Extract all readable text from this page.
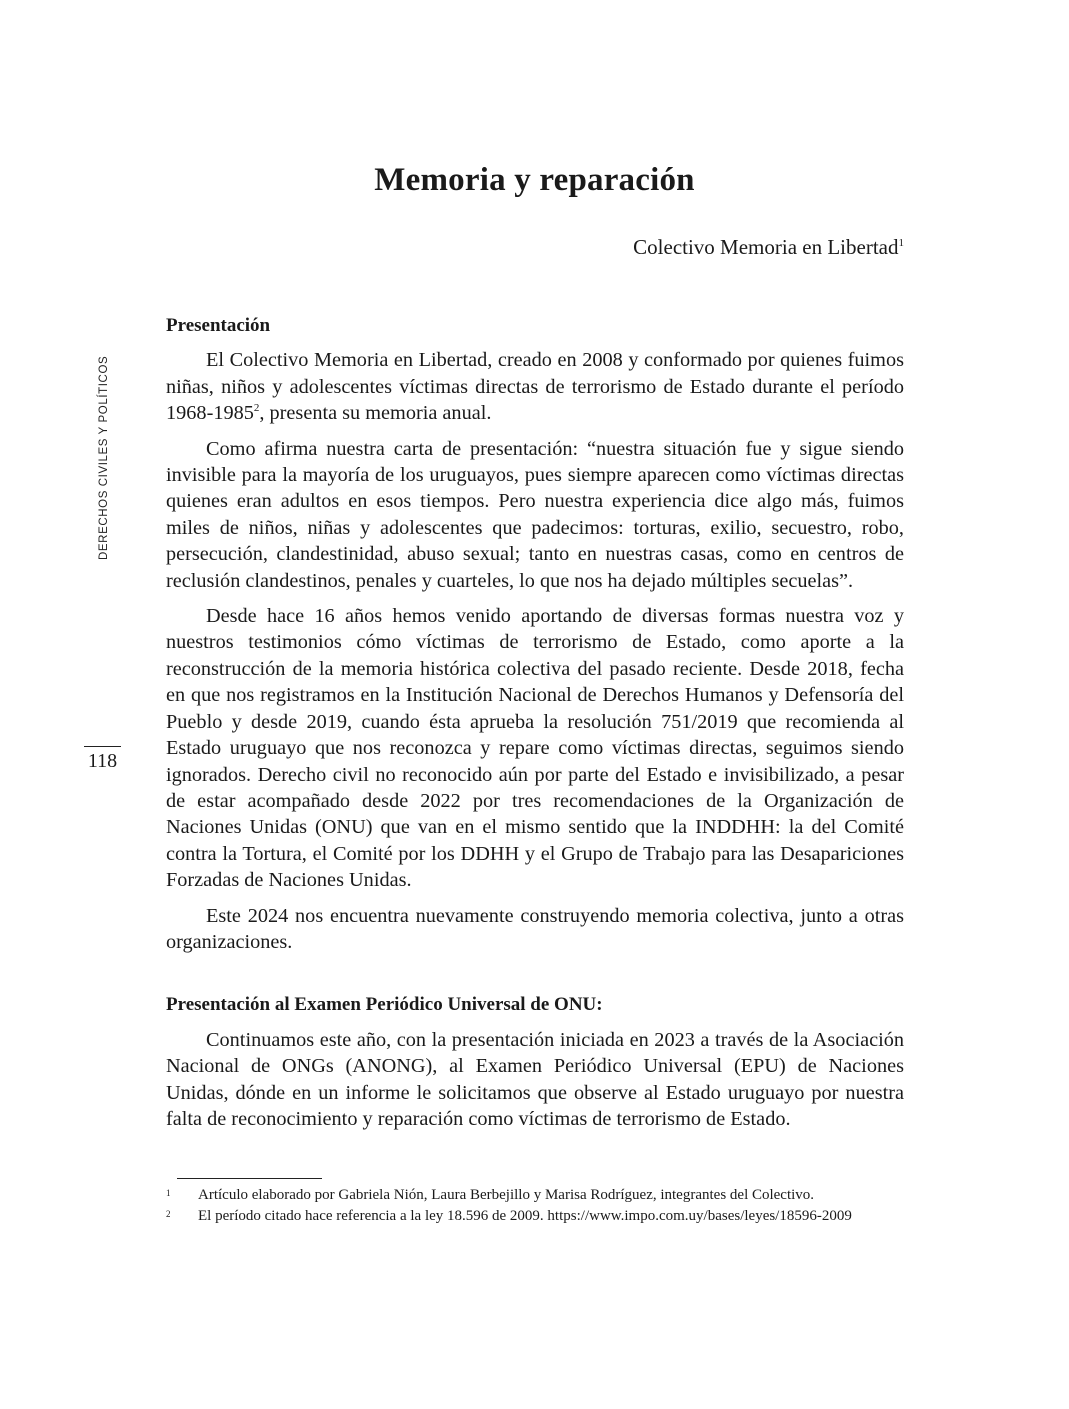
Memoria y reparación
Colectivo Memoria en Libertad$^1$
DERECHOS CIVILES Y POLÍTICOS
118
Presentación

El Colectivo Memoria en Libertad, creado en 2008 y conformado por quienes fuimos niñas, niños y adolescentes víctimas directas de terrorismo de Estado durante el período 1968-1985$^2$, presenta su memoria anual.

Como afirma nuestra carta de presentación: “nuestra situación fue y sigue siendo invisible para la mayoría de los uruguayos, pues siempre aparecen como víctimas directas quienes eran adultos en esos tiempos. Pero nuestra experiencia dice algo más, fuimos miles de niños, niñas y adolescentes que padecimos: torturas, exilio, secuestro, robo, persecución, clandestinidad, abuso sexual; tanto en nuestras casas, como en centros de reclusión clandestinos, penales y cuarteles, lo que nos ha dejado múltiples secuelas”.

Desde hace 16 años hemos venido aportando de diversas formas nuestra voz y nuestros testimonios cómo víctimas de terrorismo de Estado, como aporte a la reconstrucción de la memoria histórica colectiva del pasado reciente. Desde 2018, fecha en que nos registramos en la Institución Nacional de Derechos Humanos y Defensoría del Pueblo y desde 2019, cuando ésta aprueba la resolución 751/2019 que recomienda al Estado uruguayo que nos reconozca y repare como víctimas directas, seguimos siendo ignorados. Derecho civil no reconocido aún por parte del Estado e invisibilizado, a pesar de estar acompañado desde 2022 por tres recomendaciones de la Organización de Naciones Unidas (ONU) que van en el mismo sentido que la INDDHH: la del Comité contra la Tortura, el Comité por los DDHH y el Grupo de Trabajo para las Desapariciones Forzadas de Naciones Unidas.

Este 2024 nos encuentra nuevamente construyendo memoria colectiva, junto a otras organizaciones.

Presentación al Examen Periódico Universal de ONU:

Continuamos este año, con la presentación iniciada en 2023 a través de la Asociación Nacional de ONGs (ANONG), al Examen Periódico Universal (EPU) de Naciones Unidas, dónde en un informe le solicitamos que observe al Estado uruguayo por nuestra falta de reconocimiento y reparación como víctimas de terrorismo de Estado.

1 Artículo elaborado por Gabriela Nión, Laura Berbejillo y Marisa Rodríguez, integrantes del Colectivo.
2 El período citado hace referencia a la ley 18.596 de 2009. https://www.impo.com.uy/bases/leyes/18596-2009
